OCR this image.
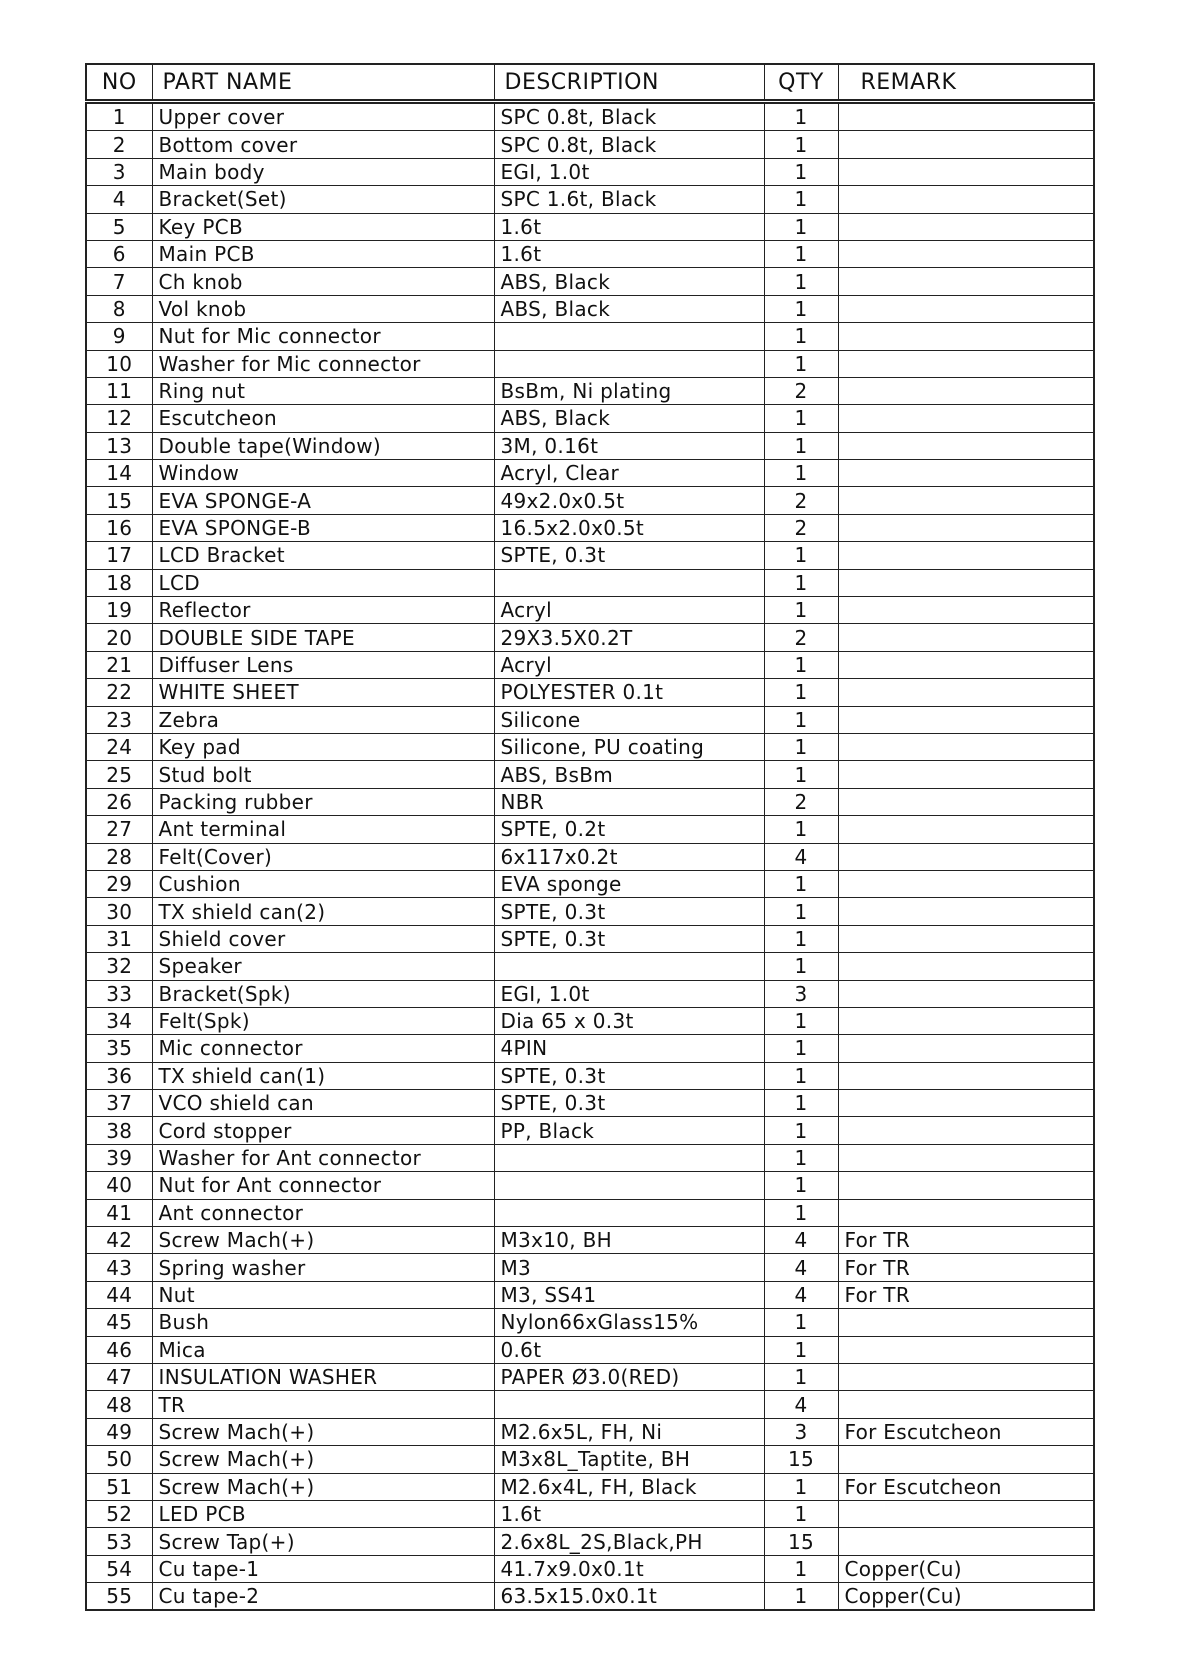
NO	PART NAME	DESCRIPTION	QTY	REMARK
1	Upper cover	SPC 0.8t, Black	1	
2	Bottom cover	SPC 0.8t, Black	1	
3	Main body	EGI, 1.0t	1	
4	Bracket(Set)	SPC 1.6t, Black	1	
5	Key PCB	1.6t	1	
6	Main PCB	1.6t	1	
7	Ch knob	ABS, Black	1	
8	Vol knob	ABS, Black	1	
9	Nut for Mic connector		1	
10	Washer for Mic connector		1	
11	Ring nut	BsBm, Ni plating	2	
12	Escutcheon	ABS, Black	1	
13	Double tape(Window)	3M, 0.16t	1	
14	Window	Acryl, Clear	1	
15	EVA SPONGE-A	49x2.0x0.5t	2	
16	EVA SPONGE-B	16.5x2.0x0.5t	2	
17	LCD Bracket	SPTE, 0.3t	1	
18	LCD		1	
19	Reflector	Acryl	1	
20	DOUBLE SIDE TAPE	29X3.5X0.2T	2	
21	Diffuser Lens	Acryl	1	
22	WHITE SHEET	POLYESTER 0.1t	1	
23	Zebra	Silicone	1	
24	Key pad	Silicone, PU coating	1	
25	Stud bolt	ABS, BsBm	1	
26	Packing rubber	NBR	2	
27	Ant terminal	SPTE, 0.2t	1	
28	Felt(Cover)	6x117x0.2t	4	
29	Cushion	EVA sponge	1	
30	TX shield can(2)	SPTE, 0.3t	1	
31	Shield cover	SPTE, 0.3t	1	
32	Speaker		1	
33	Bracket(Spk)	EGI, 1.0t	3	
34	Felt(Spk)	Dia 65 x 0.3t	1	
35	Mic connector	4PIN	1	
36	TX shield can(1)	SPTE, 0.3t	1	
37	VCO shield can	SPTE, 0.3t	1	
38	Cord stopper	PP, Black	1	
39	Washer for Ant connector		1	
40	Nut for Ant connector		1	
41	Ant connector		1	
42	Screw Mach(+)	M3x10, BH	4	For TR
43	Spring washer	M3	4	For TR
44	Nut	M3, SS41	4	For TR
45	Bush	Nylon66xGlass15%	1	
46	Mica	0.6t	1	
47	INSULATION WASHER	PAPER Ø3.0(RED)	1	
48	TR		4	
49	Screw Mach(+)	M2.6x5L, FH, Ni	3	For Escutcheon
50	Screw Mach(+)	M3x8L_Taptite, BH	15	
51	Screw Mach(+)	M2.6x4L, FH, Black	1	For Escutcheon
52	LED PCB	1.6t	1	
53	Screw Tap(+)	2.6x8L_2S,Black,PH	15	
54	Cu tape-1	41.7x9.0x0.1t	1	Copper(Cu)
55	Cu tape-2	63.5x15.0x0.1t	1	Copper(Cu)
